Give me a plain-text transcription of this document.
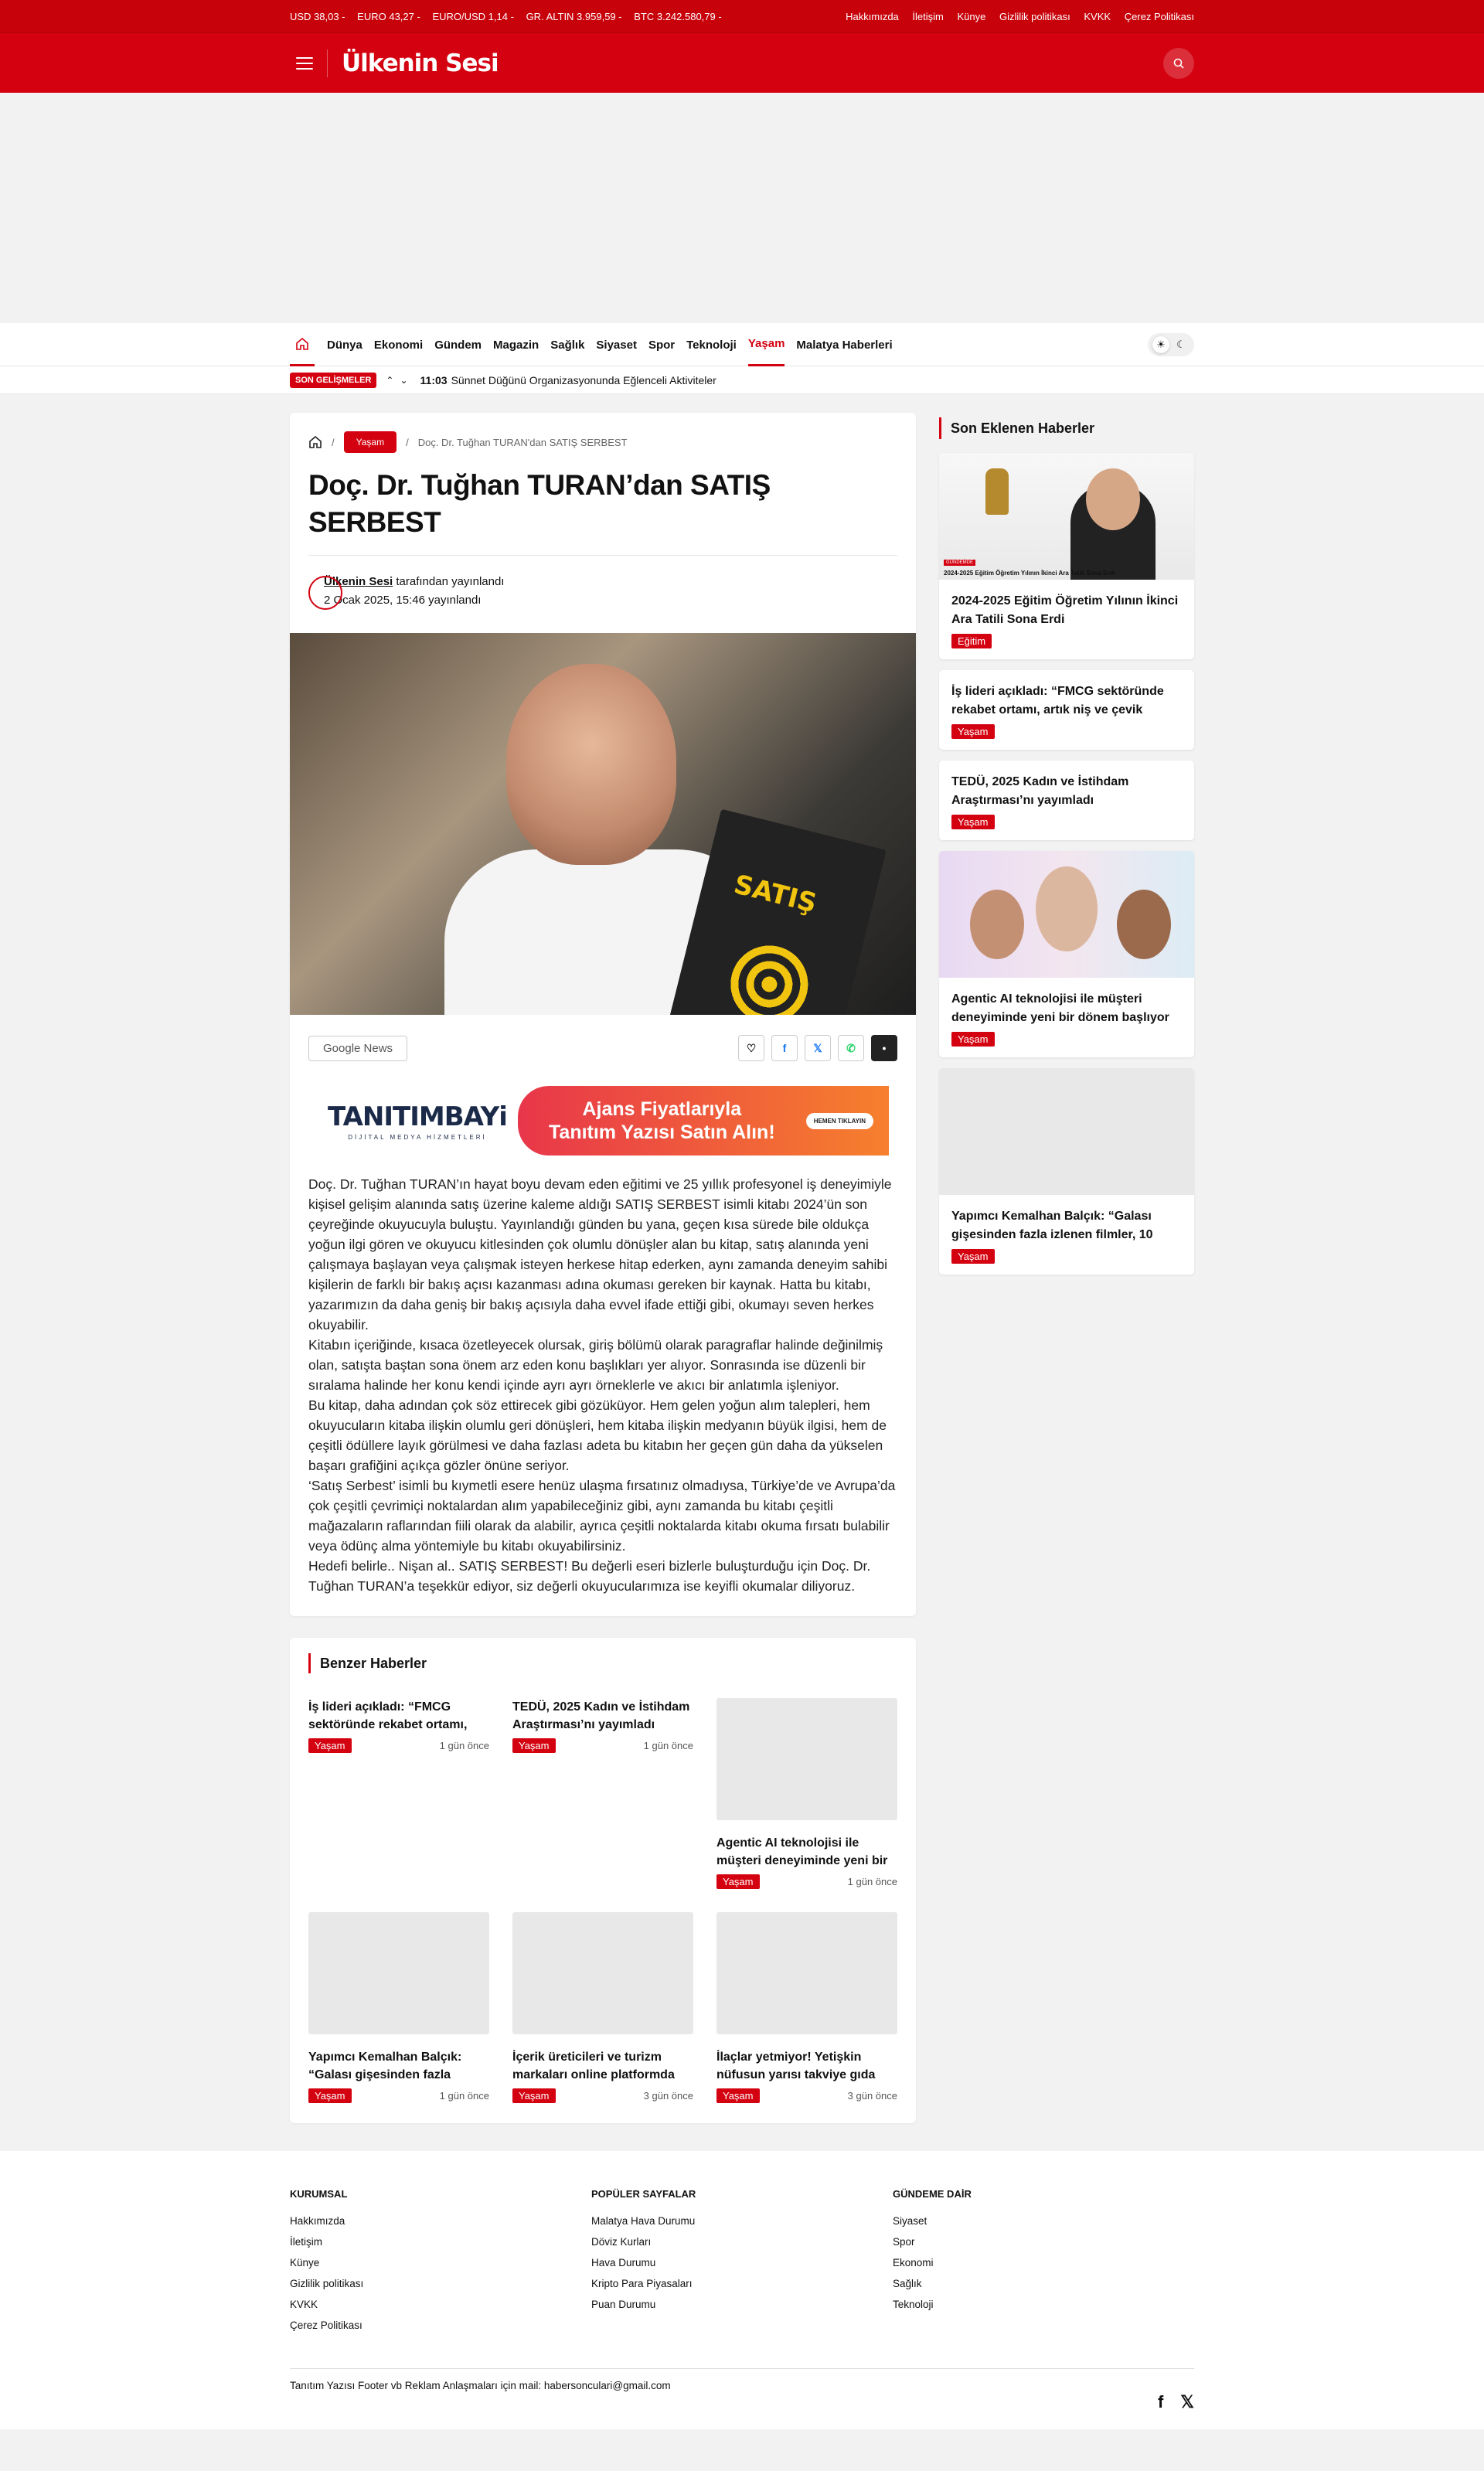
USD 38,03 - EURO 43,27 - EURO/USD 1,14 - GR. ALTIN 3.959,59 - BTC 3.242.580,79 -	Hakkımızda İletişim Künye Gizlilik politikası KVKK Çerez Politikası
Ülkenin Sesi
Dünya Ekonomi Gündem Magazin Sağlık Siyaset Spor Teknoloji Yaşam Malatya Haberleri	☀	☾
SON GELİŞMELER	⌃⌄ 11:03 Sünnet Düğünü Organizasyonunda Eğlenceli Aktiviteler
/	Yaşam	/ Doç. Dr. Tuğhan TURAN'dan SATIŞ SERBEST
Doç. Dr. Tuğhan TURAN’dan SATIŞ SERBEST
Ülkenin Sesi tarafından yayınlandı
2 Ocak 2025, 15:46 yayınlandı
SATIŞ
Google News	♡	f	𝕏	✆	•
TANITIMBAYi
DİJİTAL MEDYA HİZMETLERİ
Ajans Fiyatlarıyla
Tanıtım Yazısı Satın Alın!
HEMEN TIKLAYIN

Doç. Dr. Tuğhan TURAN’ın hayat boyu devam eden eğitimi ve 25 yıllık profesyonel iş deneyimiyle kişisel gelişim alanında satış üzerine kaleme aldığı SATIŞ SERBEST isimli kitabı 2024’ün son çeyreğinde okuyucuyla buluştu. Yayınlandığı günden bu yana, geçen kısa sürede bile oldukça yoğun ilgi gören ve okuyucu kitlesinden çok olumlu dönüşler alan bu kitap, satış alanında yeni çalışmaya başlayan veya çalışmak isteyen herkese hitap ederken, aynı zamanda deneyim sahibi kişilerin de farklı bir bakış açısı kazanması adına okuması gereken bir kaynak. Hatta bu kitabı, yazarımızın da daha geniş bir bakış açısıyla daha evvel ifade ettiği gibi, okumayı seven herkes okuyabilir.

Kitabın içeriğinde, kısaca özetleyecek olursak, giriş bölümü olarak paragraflar halinde değinilmiş olan, satışta baştan sona önem arz eden konu başlıkları yer alıyor. Sonrasında ise düzenli bir sıralama halinde her konu kendi içinde ayrı ayrı örneklerle ve akıcı bir anlatımla işleniyor.

Bu kitap, daha adından çok söz ettirecek gibi gözüküyor. Hem gelen yoğun alım talepleri, hem okuyucuların kitaba ilişkin olumlu geri dönüşleri, hem kitaba ilişkin medyanın büyük ilgisi, hem de çeşitli ödüllere layık görülmesi ve daha fazlası adeta bu kitabın her geçen gün daha da yükselen başarı grafiğini açıkça gözler önüne seriyor.

‘Satış Serbest’ isimli bu kıymetli esere henüz ulaşma fırsatınız olmadıysa, Türkiye’de ve Avrupa’da çok çeşitli çevrimiçi noktalardan alım yapabileceğiniz gibi, aynı zamanda bu kitabı çeşitli mağazaların raflarından fiili olarak da alabilir, ayrıca çeşitli noktalarda kitabı okuma fırsatı bulabilir veya ödünç alma yöntemiyle bu kitabı okuyabilirsiniz.

Hedefi belirle.. Nişan al.. SATIŞ SERBEST! Bu değerli eseri bizlerle buluşturduğu için Doç. Dr. Tuğhan TURAN’a teşekkür ediyor, siz değerli okuyucularımıza ise keyifli okumalar diliyoruz.

Benzer Haberler
İş lideri açıkladı: “FMCG sektöründe rekabet ortamı,
Yaşam	1 gün önce
TEDÜ, 2025 Kadın ve İstihdam Araştırması’nı yayımladı
Yaşam	1 gün önce
Agentic AI teknolojisi ile müşteri deneyiminde yeni bir
Yaşam	1 gün önce
Yapımcı Kemalhan Balçık: “Galası gişesinden fazla
Yaşam	1 gün önce
İçerik üreticileri ve turizm markaları online platformda
Yaşam	3 gün önce
İlaçlar yetmiyor! Yetişkin nüfusun yarısı takviye gıda
Yaşam	3 gün önce
Son Eklenen Haberler
GÜNDEMDE
2024-2025 Eğitim Öğretim Yılının İkinci Ara Tatili Sona Erdi
2024-2025 Eğitim Öğretim Yılının İkinci Ara Tatili Sona Erdi
Eğitim
İş lideri açıkladı: “FMCG sektöründe rekabet ortamı, artık niş ve çevik
Yaşam
TEDÜ, 2025 Kadın ve İstihdam Araştırması’nı yayımladı
Yaşam
Agentic AI teknolojisi ile müşteri deneyiminde yeni bir dönem başlıyor
Yaşam
Yapımcı Kemalhan Balçık: “Galası gişesinden fazla izlenen filmler, 10
Yaşam
KURUMSAL
Hakkımızda
İletişim
Künye
Gizlilik politikası
KVKK
Çerez Politikası
POPÜLER SAYFALAR
Malatya Hava Durumu
Döviz Kurları
Hava Durumu
Kripto Para Piyasaları
Puan Durumu
GÜNDEME DAİR
Siyaset
Spor
Ekonomi
Sağlık
Teknoloji
Tanıtım Yazısı Footer vb Reklam Anlaşmaları için mail: habersonculari@gmail.com
f 𝕏
